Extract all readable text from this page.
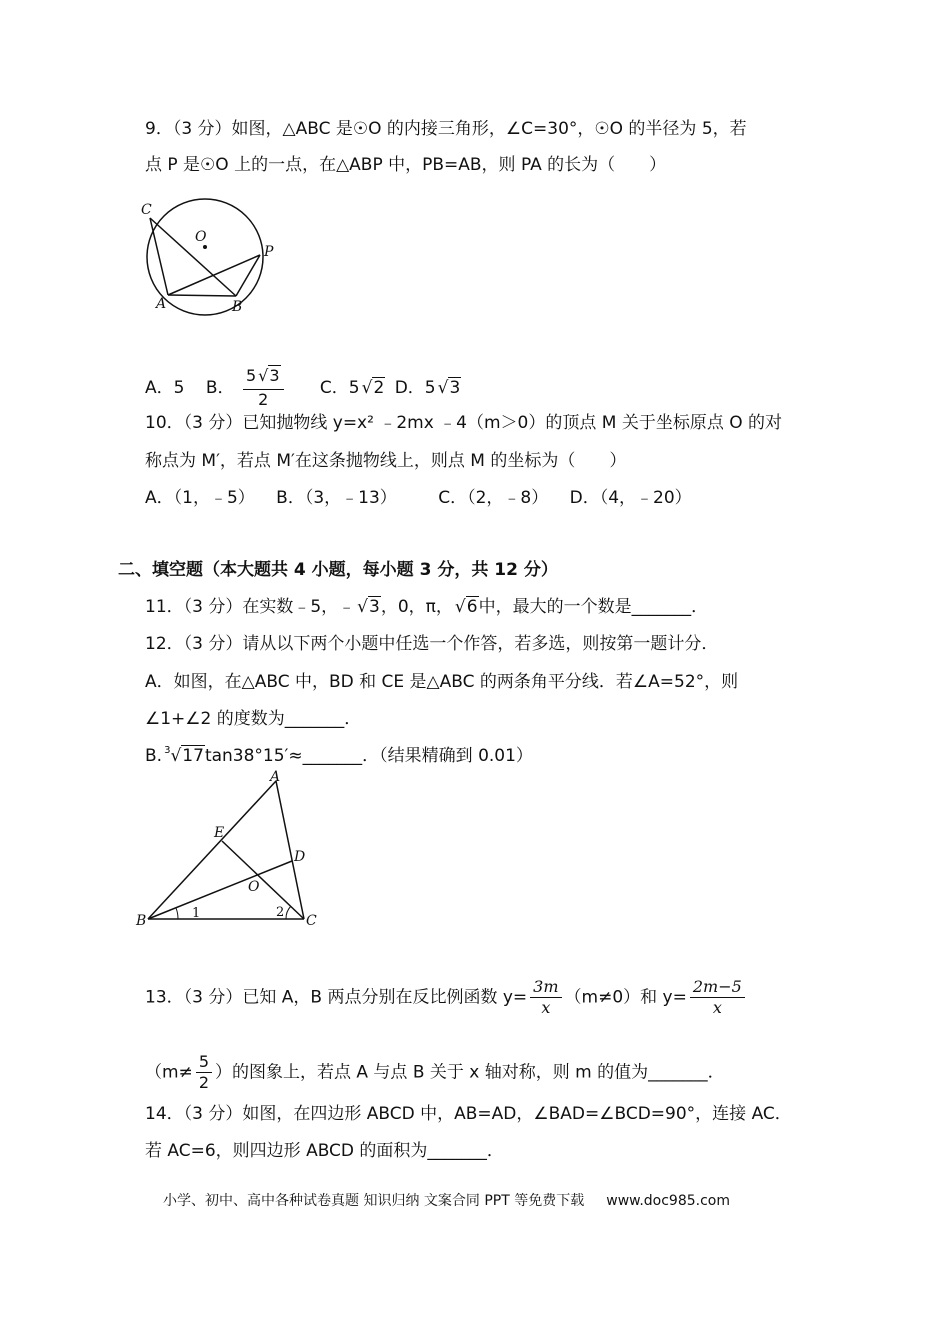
9．（3 分）如图，△ABC 是☉O 的内接三角形，∠C=30°，☉O 的半径为 5，若
点 P 是☉O 上的一点，在△ABP 中，PB=AB，则 PA 的长为（　　）
C
O
P
A	B
A．5 B． $\frac{5 √3}{2}$ C．5 √2 D．5 √3
10．（3 分）已知抛物线 y=x² ﹣2mx ﹣4（m＞0）的顶点 M 关于坐标原点 O 的对
称点为 M′，若点 M′在这条抛物线上，则点 M 的坐标为（　　）
A．（1，﹣5） B．（3，﹣13） C．（2，﹣8） D．（4，﹣20）
二、填空题（本大题共 4 小题，每小题 3 分，共 12 分）
11．（3 分）在实数﹣5，﹣ √3，0，π， √6中，最大的一个数是_______．
12．（3 分）请从以下两个小题中任选一个作答，若多选，则按第一题计分．
A．如图，在△ABC 中，BD 和 CE 是△ABC 的两条角平分线．若∠A=52°，则
∠1+∠2 的度数为_______．
B. $^3$√17tan38°15′≈_______．（结果精确到 0.01）
A
E
D
O
B	C
1	2
13．（3 分）已知 A，B 两点分别在反比例函数 $y= \frac{3m}{x} (m\ne 0)$和 $y= \frac{2m-5}{x}$
（$m\ne \frac{5}{2}$ ）的图象上，若点 A 与点 B 关于 x 轴对称，则 m 的值为_______．
14．（3 分）如图，在四边形 ABCD 中，AB=AD，∠BAD=∠BCD=90°，连接 AC．
若 AC=6，则四边形 ABCD 的面积为_______．
小学、初中、高中各种试卷真题 知识归纳 文案合同 PPT 等免费下载 www.doc985.com
